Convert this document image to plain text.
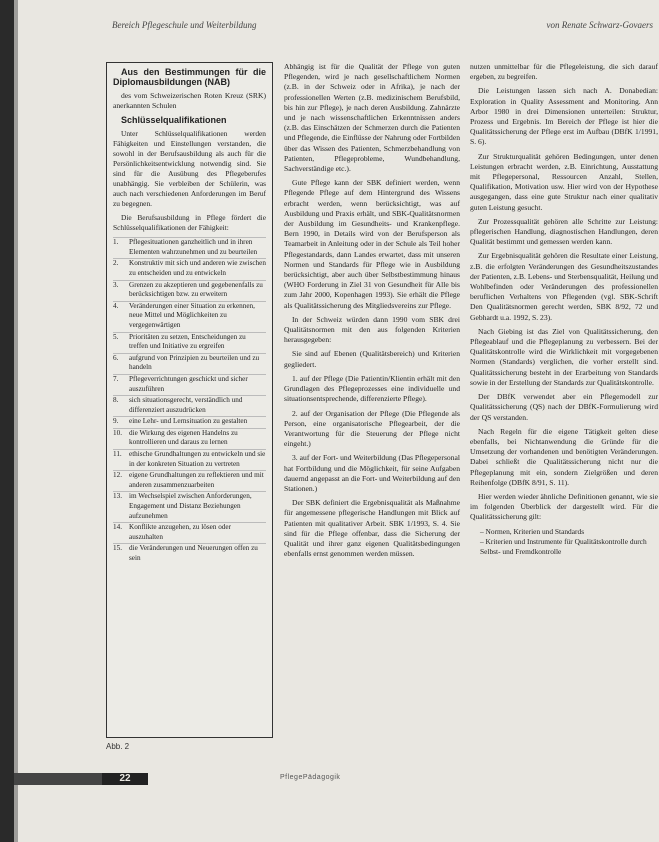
Bereich Pflegeschule und Weiterbildung	von Renate Schwarz-Govaers

Aus den Bestimmungen für die Diplomausbildungen (NAB)

des vom Schweizerischen Roten Kreuz (SRK) anerkannten Schulen

Schlüsselqualifikationen

Unter Schlüsselqualifikationen werden Fähigkeiten und Einstellungen verstanden, die sowohl in der Berufsausbildung als auch für die Persönlichkeitsentwicklung notwendig sind. Sie sind für die Ausübung des Pflegeberufes unabhängig. Sie verbleiben der Schülerin, was auch nach verschiedenen Anforderungen im Beruf zu begegnen.

Die Berufsausbildung in Pflege fördert die Schlüsselqualifikationen der Fähigkeit:

1. Pflegesituationen ganzheitlich und in ihren Elementen wahrzunehmen und zu beurteilen
2. Konstruktiv mit sich und anderen wie zwischen zu entscheiden und zu entwickeln
3. Grenzen zu akzeptieren und gegebenenfalls zu berücksichtigen bzw. zu erweitern
4. Veränderungen einer Situation zu erkennen, neue Mittel und Möglichkeiten zu vergegenwärtigen
5. Prioritäten zu setzen, Entscheidungen zu treffen und Initiative zu ergreifen
6. aufgrund von Prinzipien zu beurteilen und zu handeln
7. Pflegeverrichtungen geschickt und sicher auszuführen
8. sich situationsgerecht, verständlich und differenziert auszudrücken
9. eine Lehr- und Lernsituation zu gestalten
10. die Wirkung des eigenen Handelns zu kontrollieren und daraus zu lernen
11. ethische Grundhaltungen zu entwickeln und sie in der konkreten Situation zu vertreten
12. eigene Grundhaltungen zu reflektieren und mit anderen zusammenzuarbeiten
13. im Wechselspiel zwischen Anforderungen, Engagement und Distanz Beziehungen aufzunehmen
14. Konflikte anzugehen, zu lösen oder auszuhalten
15. die Veränderungen und Neuerungen offen zu sein
Abb. 2

Abhängig ist für die Qualität der Pflege von guten Pflegenden, wird je nach gesellschaftlichem Normen (z.B. in der Schweiz oder in Afrika), je nach der professionellen Werten (z.B. medizinischem Berufsbild, bis hin zur Pflege), je nach deren Ausbildung. Zahnärzte und je nach wissenschaftlichen Erkenntnissen anders (z.B. das Einschätzen der Schmerzen durch die Patienten und Pflegende, die Einflüsse der Nahrung oder Fortbilden über das Wissen des Patienten, Schmerzbehandlung von Patienten, Pflegeprobleme, Wundbehandlung, Sachverständige etc.).

Gute Pflege kann der SBK definiert werden, wenn Pflegende Pflege auf dem Hintergrund des Wissens erbracht werden, wenn berücksichtigt, was auf Ausbildung und Praxis erhält, und SBK-Qualitätsnormen der Ausbildung im Gesundheits- und Krankenpflege. Bern 1990, in Details wird von der Berufsperson als Teamarbeit in Anleitung oder in der Schule als Teil hoher Pflegestandards, dann Landes erwartet, dass mit unseren Normen und Standards für Pflege wie in Ausbildung berücksichtigt, aber auch über Selbstbestimmung hinaus (WHO Forderung in Ziel 31 von Gesundheit für Alle bis zum Jahr 2000, Kopenhagen 1993). Sie erhält die Pflege als Qualitätssicherung des Mitgliedsvereins zur Pflege.

In der Schweiz würden dann 1990 vom SBK drei Qualitätsnormen mit den aus folgenden Kriterien herausgegeben:

Sie sind auf Ebenen (Qualitätsbereich) und Kriterien gegliedert.

1. auf der Pflege (Die Patientin/Klientin erhält mit den Grundlagen des Pflegeprozesses eine individuelle und situationsentsprechende, differenzierte Pflege).

2. auf der Organisation der Pflege (Die Pflegende als Person, eine organisatorische Pflegearbeit, der die Verantwortung für die Steuerung der Pflege nicht eingeht.)

3. auf der Fort- und Weiterbildung (Das Pflegepersonal hat Fortbildung und die Möglichkeit, für seine Aufgaben dauernd angepasst an die Fort- und Weiterbildung auf den Stationen.)

Der SBK definiert die Ergebnisqualität als Maßnahme für angemessene pflegerische Handlungen mit Blick auf Patienten mit qualitativer Arbeit. SBK 1/1993, S. 4. Sie sind für die Pflege offenbar, dass die Sicherung der Qualität und ihrer ganz eigenen Qualitätsbedingungen ebenfalls ernst genommen werden müssen.

nutzen unmittelbar für die Pflegeleistung, die sich darauf ergeben, zu begreifen.

Die Leistungen lassen sich nach A. Donabedian: Exploration in Quality Assessment and Monitoring. Ann Arbor 1980 in drei Dimensionen unterteilen: Struktur, Prozess und Ergebnis. Im Bereich der Pflege ist hier die Qualitätssicherung der Pflege erst im Aufbau (DBfK 1/1991, S. 6).

Zur Strukturqualität gehören Bedingungen, unter denen Leistungen erbracht werden, z.B. Einrichtung, Ausstattung mit Pflegepersonal, Ressourcen Anzahl, Stellen, Qualifikation, Motivation usw. Hier wird von der Hypothese ausgegangen, dass eine gute Struktur nach einer qualitativ guten Leistung gesucht.

Zur Prozessqualität gehören alle Schritte zur Leistung: pflegerischen Handlung, diagnostischen Handlungen, deren Qualität bestimmt und gemessen werden kann.

Zur Ergebnisqualität gehören die Resultate einer Leistung, z.B. die erfolgten Veränderungen des Gesundheitszustandes der Patienten, z.B. Lebens- und Sterbensqualität, Heilung und Wohlbefinden oder Veränderungen des professionellen beruflichen Verhaltens von Pflegenden (vgl. SBK-Schrift Den Qualitätsnormen gerecht werden, SBK 8/92, 72 und Gebhardt u.a. 1992, S. 23).

Nach Giebing ist das Ziel von Qualitätssicherung, den Pflegeablauf und die Pflegeplanung zu verbessern. Bei der Qualitätskontrolle wird die Wirklichkeit mit vorgegebenen Normen (Standards) verglichen, die vorher erstellt sind. Qualitätssicherung besteht in der Erarbeitung von Standards sowie in der Erstellung der Standards zur Qualitätskontrolle.

Der DBfK verwendet aber ein Pflegemodell zur Qualitätssicherung (QS) nach der DBfK-Formulierung wird der QS verstanden.

Nach Regeln für die eigene Tätigkeit gelten diese ebenfalls, bei Nichtanwendung die Gründe für die Umsetzung der vorhandenen und benötigten Veränderungen. Dabei schließt die Qualitätssicherung nicht nur die Pflegeplanung mit ein, sondern Zielgrößen und deren Reihenfolge (DBfK 8/91, S. 11).

Hier werden wieder ähnliche Definitionen genannt, wie sie im folgenden Überblick der dargestellt wird. Für die Qualitätssicherung gilt:

– Normen, Kriterien und Standards
– Kriterien und Instrumente für Qualitätskontrolle durch Selbst- und Fremdkontrolle
22	PflegePädagogik
